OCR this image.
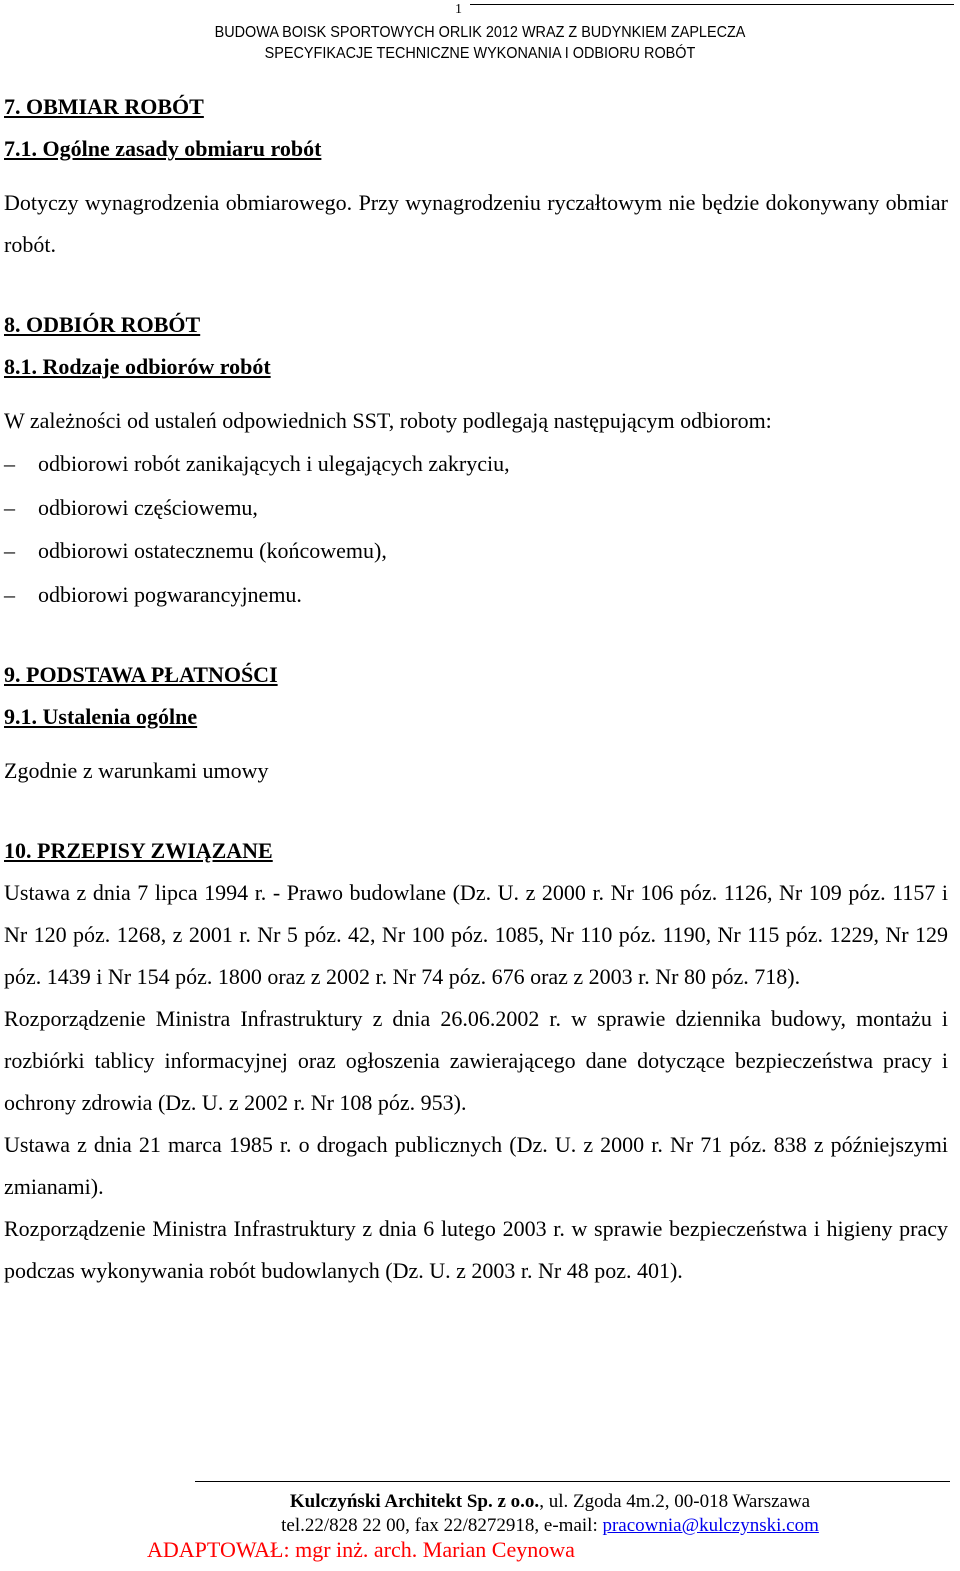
1
BUDOWA BOISK SPORTOWYCH ORLIK 2012 WRAZ Z BUDYNKIEM ZAPLECZA
SPECYFIKACJE TECHNICZNE WYKONANIA I ODBIORU ROBÓT
7. OBMIAR ROBÓT
7.1. Ogólne zasady obmiaru robót

Dotyczy wynagrodzenia obmiarowego. Przy wynagrodzeniu ryczałtowym nie będzie dokonywany obmiar robót.

8. ODBIÓR ROBÓT
8.1. Rodzaje odbiorów robót

W zależności od ustaleń odpowiednich SST, roboty podlegają następującym odbiorom:

– odbiorowi robót zanikających i ulegających zakryciu,
– odbiorowi częściowemu,
– odbiorowi ostatecznemu (końcowemu),
– odbiorowi pogwarancyjnemu.
9. PODSTAWA PŁATNOŚCI
9.1. Ustalenia ogólne

Zgodnie z warunkami umowy

10. PRZEPISY ZWIĄZANE

Ustawa z dnia 7 lipca 1994 r. - Prawo budowlane (Dz. U. z 2000 r. Nr 106 póz. 1126, Nr 109 póz. 1157 i Nr 120 póz. 1268, z 2001 r. Nr 5 póz. 42, Nr 100 póz. 1085, Nr 110 póz. 1190, Nr 115 póz. 1229, Nr 129 póz. 1439 i Nr 154 póz. 1800 oraz z 2002 r. Nr 74 póz. 676 oraz z 2003 r. Nr 80 póz. 718).

Rozporządzenie Ministra Infrastruktury z dnia 26.06.2002 r. w sprawie dziennika budowy, montażu i rozbiórki tablicy informacyjnej oraz ogłoszenia zawierającego dane dotyczące bezpieczeństwa pracy i ochrony zdrowia (Dz. U. z 2002 r. Nr 108 póz. 953).

Ustawa z dnia 21 marca 1985 r. o drogach publicznych (Dz. U. z 2000 r. Nr 71 póz. 838 z późniejszymi zmianami).

Rozporządzenie Ministra Infrastruktury z dnia 6 lutego 2003 r. w sprawie bezpieczeństwa i higieny pracy podczas wykonywania robót budowlanych (Dz. U. z 2003 r. Nr 48 poz. 401).

Kulczyński Architekt Sp. z o.o., ul. Zgoda 4m.2, 00-018 Warszawa
tel.22/828 22 00, fax 22/8272918, e-mail: pracownia@kulczynski.com
ADAPTOWAŁ: mgr inż. arch. Marian Ceynowa
